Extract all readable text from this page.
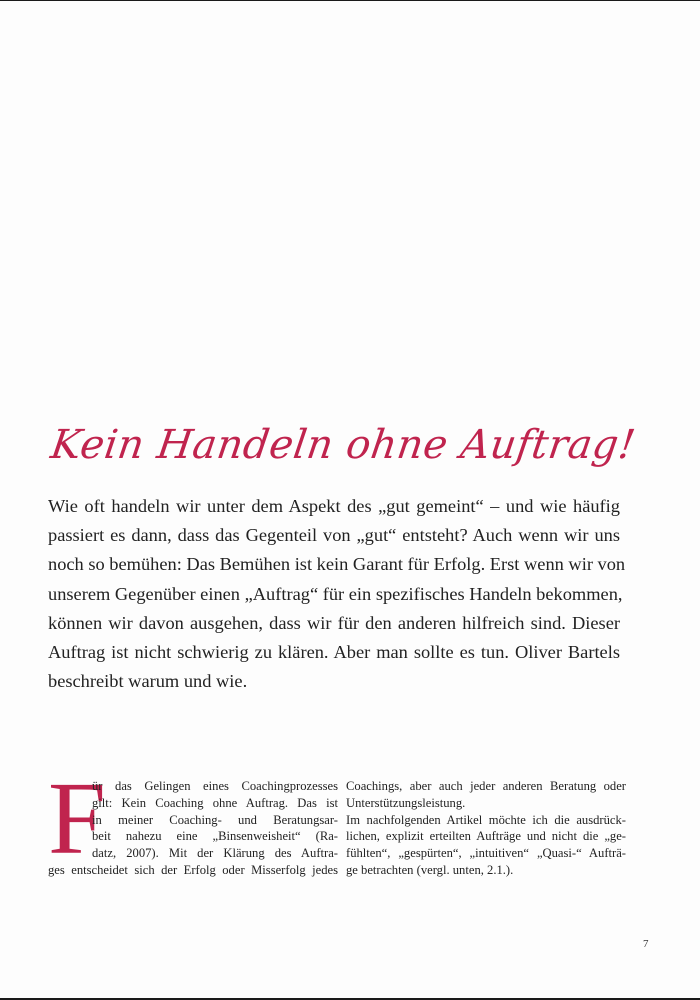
Kein Handeln ohne Auftrag!
Wie oft handeln wir unter dem Aspekt des „gut gemeint“ – und wie häufig
passiert es dann, dass das Gegenteil von „gut“ entsteht? Auch wenn wir uns
noch so bemühen: Das Bemühen ist kein Garant für Erfolg. Erst wenn wir von
unserem Gegenüber einen „Auftrag“ für ein spezifisches Handeln bekommen,
können wir davon ausgehen, dass wir für den anderen hilfreich sind. Dieser
Auftrag ist nicht schwierig zu klären. Aber man sollte es tun. Oliver Bartels
beschreibt warum und wie.
F
ür das Gelingen eines Coachingprozesses
gilt: Kein Coaching ohne Auftrag. Das ist
in meiner Coaching- und Beratungsar-
beit nahezu eine „Binsenweisheit“ (Ra-
datz, 2007). Mit der Klärung des Auftra-
ges entscheidet sich der Erfolg oder Misserfolg jedes
Coachings, aber auch jeder anderen Beratung oder
Unterstützungsleistung.
Im nachfolgenden Artikel möchte ich die ausdrück-
lichen, explizit erteilten Aufträge und nicht die „ge-
fühlten“, „gespürten“, „intuitiven“ „Quasi-“ Aufträ-
ge betrachten (vergl. unten, 2.1.).
7
